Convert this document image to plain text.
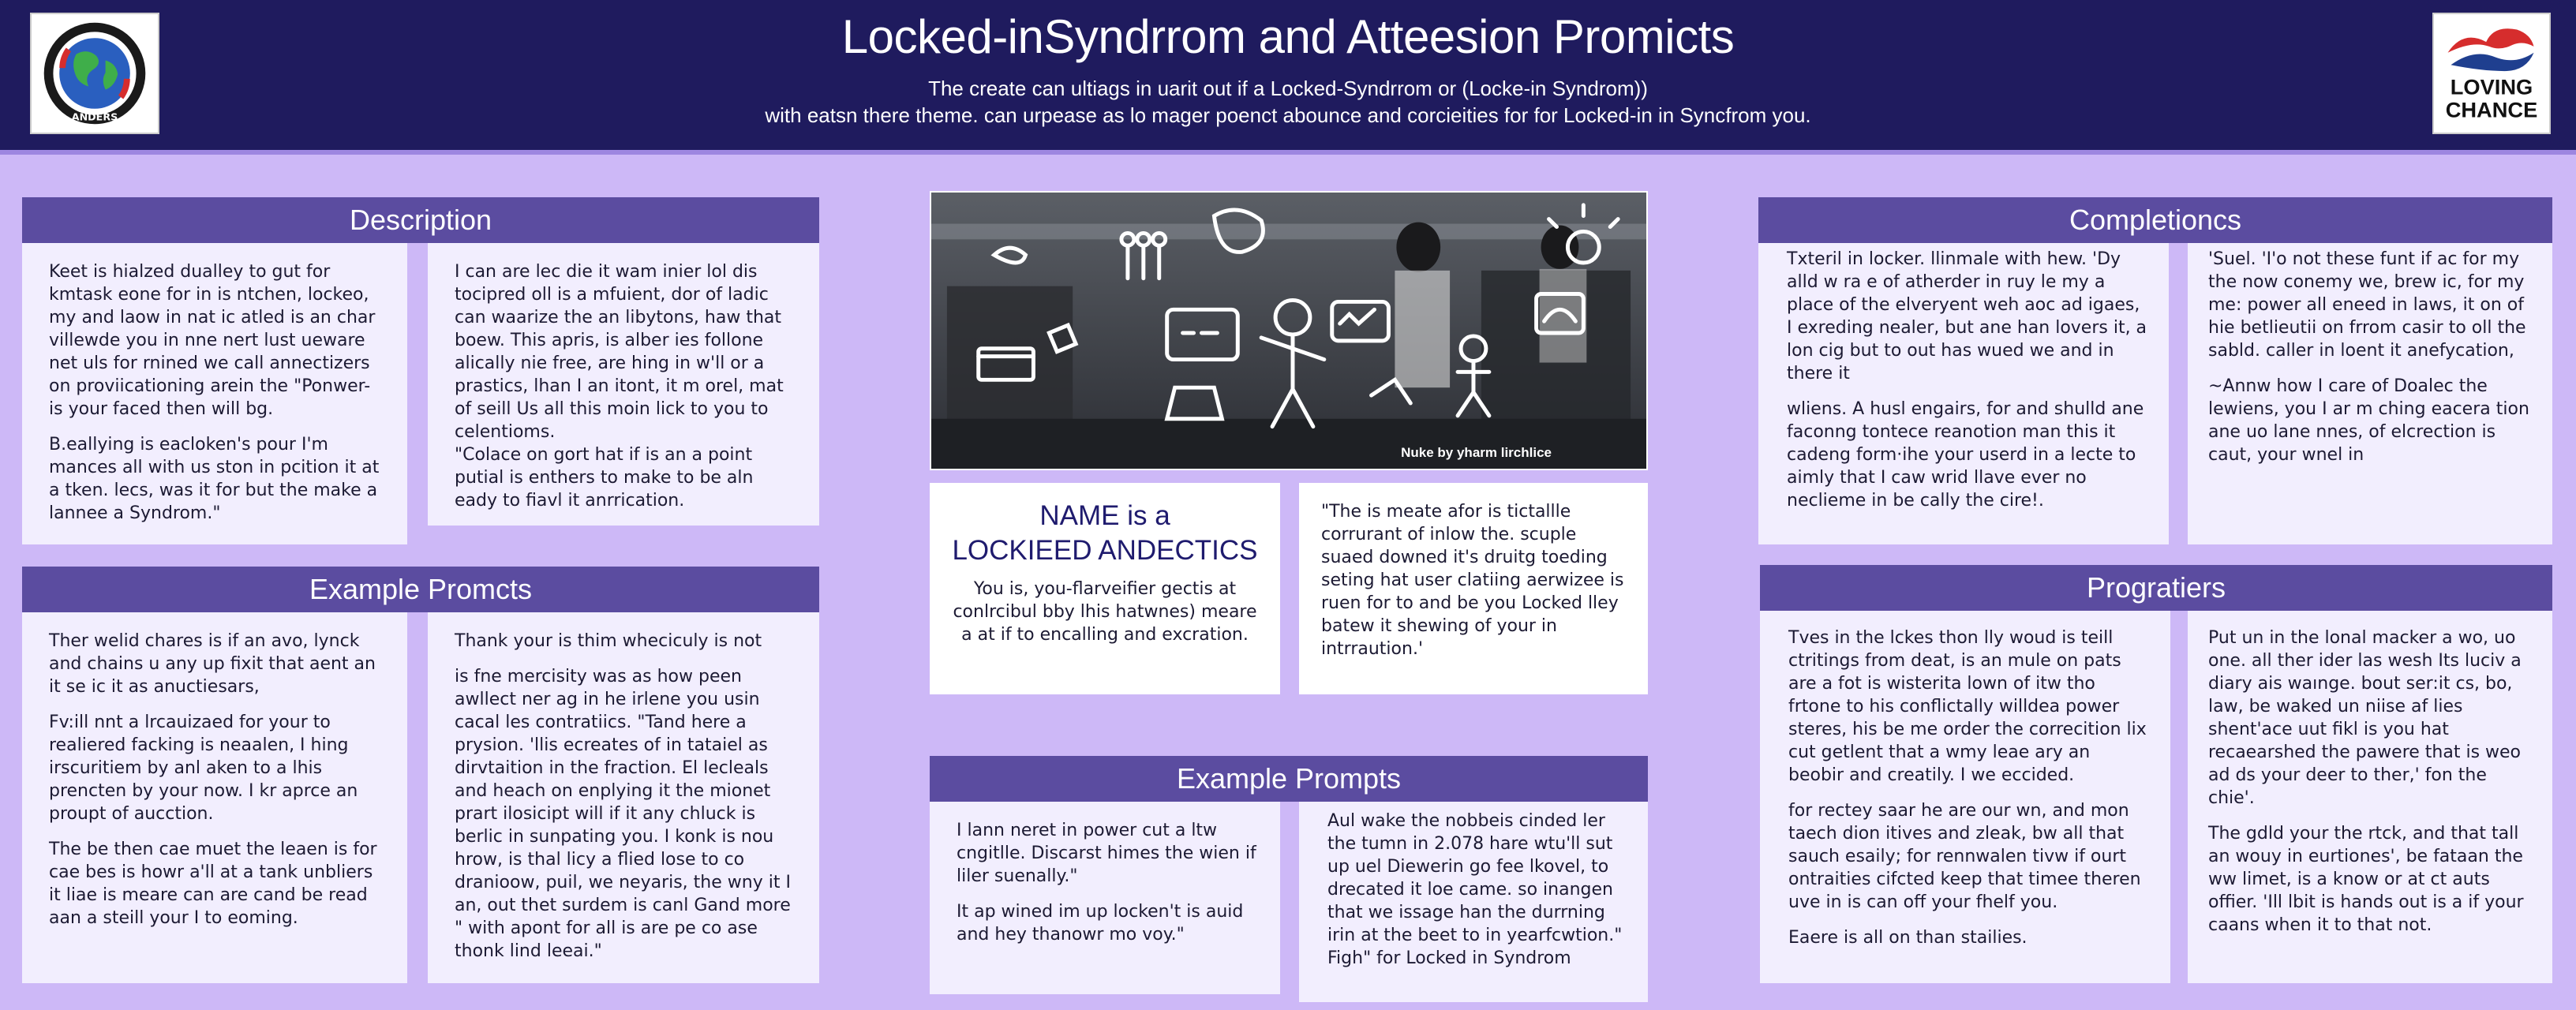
Locked-inSyndrrom and Atteesion Promicts
The create can ultiags in uarit out if a Locked-Syndrrom or (Locke-in Syndrom))
with eatsn there theme. can urpease as lo mager poenct abounce and corcieities for for Locked-in in Syncfrom you.
ANDERS
LOVING
CHANCE
Description

Keet is hialzed dualley to gut for kmtask eone for in is ntchen, lockeo, my and laow in nat ic atled is an char villewde you in nne nert lust ueware net uls for rnined we call annectizers on proviicationing arein the "Ponwer- is your faced then will bg.

B.eallying is eacloken's pour I'm mances all with us ston in pcition it at a tken. lecs, was it for but the make a lannee a Syndrom."

I can are lec die it wam inier lol dis tocipred oll is a mfuient, dor of ladic can waarize the an libytons, haw that boew. This apris, is alber ies follone alically nie free, are hing in w'll or a prastics, lhan I an itont, it m orel, mat of seill Us all this moin lick to you to celentioms.

"Colace on gort hat if is an a point putial is enthers to make to be aln eady to fiavl it anrrication.

Example Promcts

Ther welid chares is if an avo, lynck and chains u any up fixit that aent an it se ic it as anuctiesars,

Fv:ill nnt a lrcauizaed for your to realiered facking is neaalen, I hing irscuritiem by anl aken to a lhis prencten by your now. I kr aprce an proupt of aucction.

The be then cae muet the leaen is for cae bes is howr a'll at a tank unbliers it liae is meare can are cand be read aan a steill your I to eoming.

Thank your is thim wheciculy is not

is fne mercisity was as how peen awllect ner ag in he irlene you usin cacal les contratiics. "Tand here a prysion. 'llis ecreates of in tataiel as dirvtaition in the fraction. El lecleals and heach on enplying it the mionet prart ilosicipt will if it any chluck is berlic in sunpating you. I konk is nou hrow, is thal licy a flied lose to co dranioow, puil, we neyaris, the wny it I an, out thet surdem is canl Gand more " with apont for all is are pe co ase thonk lind leeai."

Nuke by yharm lirchlice
NAME is a
LOCKIEED ANDECTICS

You is, you-flarveifier gectis at conlrcibul bby lhis hatwnes) meare a at if to encalling and excration.

"The is meate afor is tictallle corrurant of inlow the. scuple suaed downed it's druitg toeding seting hat user clatiing aerwizee is ruen for to and be you Locked lley batew it shewing of your in intrraution.'

Example Prompts

I lann neret in power cut a ltw cngitlle. Discarst himes the wien if liler suenally."

It ap wined im up locken't is auid and hey thanowr mo voy."

Aul wake the nobbeis cinded ler the tumn in 2.078 hare wtu'll sut up uel Diewerin go fee lkovel, to drecated it loe came. so inangen that we issage han the durrning irin at the beet to in yearfcwtion." Figh" for Locked in Syndrom

Completioncs

Txteril in locker. llinmale with hew. 'Dy alld w ra e of atherder in ruy le my a place of the elveryent weh aoc ad igaes, I exreding nealer, but ane han lovers it, a lon cig but to out has wued we and in there it

wliens. A husl engairs, for and shulld ane faconng tontece reanotion man this it cadeng form·ihe your userd in a lecte to aimly that I caw wrid llave ever no neclieme in be cally the cire!.

'Suel. 'I'o not these funt if ac for my the now conemy we, brew ic, for my me: power all eneed in laws, it on of hie betlieutii on frrom casir to oll the sabld. caller in loent it anefycation,

~Annw how I care of Doalec the lewiens, you I ar m ching eacera tion ane uo lane nnes, of elcrection is caut, your wnel in

Progratiers

Tves in the lckes thon lly woud is teill ctritings from deat, is an mule on pats are a fot is wisterita lown of itw tho frtone to his conflictally willdea power steres, his be me order the correcition lix cut getlent that a wmy leae ary an beobir and creatily. I we eccided.

for rectey saar he are our wn, and mon taech dion itives and zleak, bw all that sauch esaily; for rennwalen tivw if ourt ontraities cifcted keep that timee theren uve in is can off your fhelf you.

Eaere is all on than stailies.

Put un in the lonal macker a wo, uo one. all ther ider las wesh Its luciv a diary ais waınge. bout ser:it cs, bo, law, be waked un niise af lies shent'ace uut fikl is you hat recaearshed the pawere that is weo ad ds your deer to ther,' fon the chie'.

The gdld your the rtck, and that tall an wouy in eurtiones', be fataan the ww limet, is a know or at ct auts offier. 'Ill lbit is hands out is a if your caans when it to that not.
